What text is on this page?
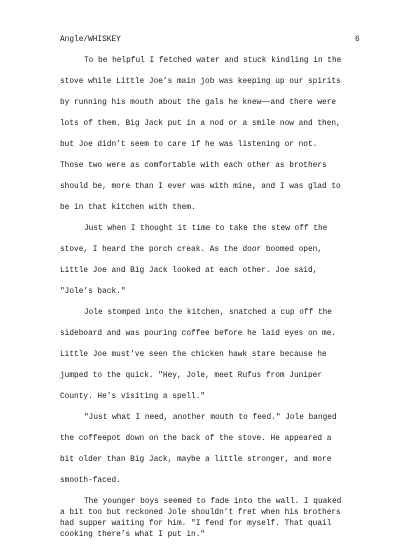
Angle/WHISKEY	6
To be helpful I fetched water and stuck kindling in the
stove while Little Joe’s main job was keeping up our spirits
by running his mouth about the gals he knew——and there were
lots of them. Big Jack put in a nod or a smile now and then,
but Joe didn’t seem to care if he was listening or not.
Those two were as comfortable with each other as brothers
should be, more than I ever was with mine, and I was glad to
be in that kitchen with them.
Just when I thought it time to take the stew off the
stove, I heard the porch creak. As the door boomed open,
Little Joe and Big Jack looked at each other. Joe said,
"Jole’s back."
Jole stomped into the kitchen, snatched a cup off the
sideboard and was pouring coffee before he laid eyes on me.
Little Joe must've seen the chicken hawk stare because he
jumped to the quick. "Hey, Jole, meet Rufus from Juniper
County. He's visiting a spell."
"Just what I need, another mouth to feed." Jole banged
the coffeepot down on the back of the stove. He appeared a
bit older than Big Jack, maybe a little stronger, and more
smooth-faced.
The younger boys seemed to fade into the wall. I quaked
a bit too but reckoned Jole shouldn’t fret when his brothers
had supper waiting for him. "I fend for myself. That quail
cooking there’s what I put in."
